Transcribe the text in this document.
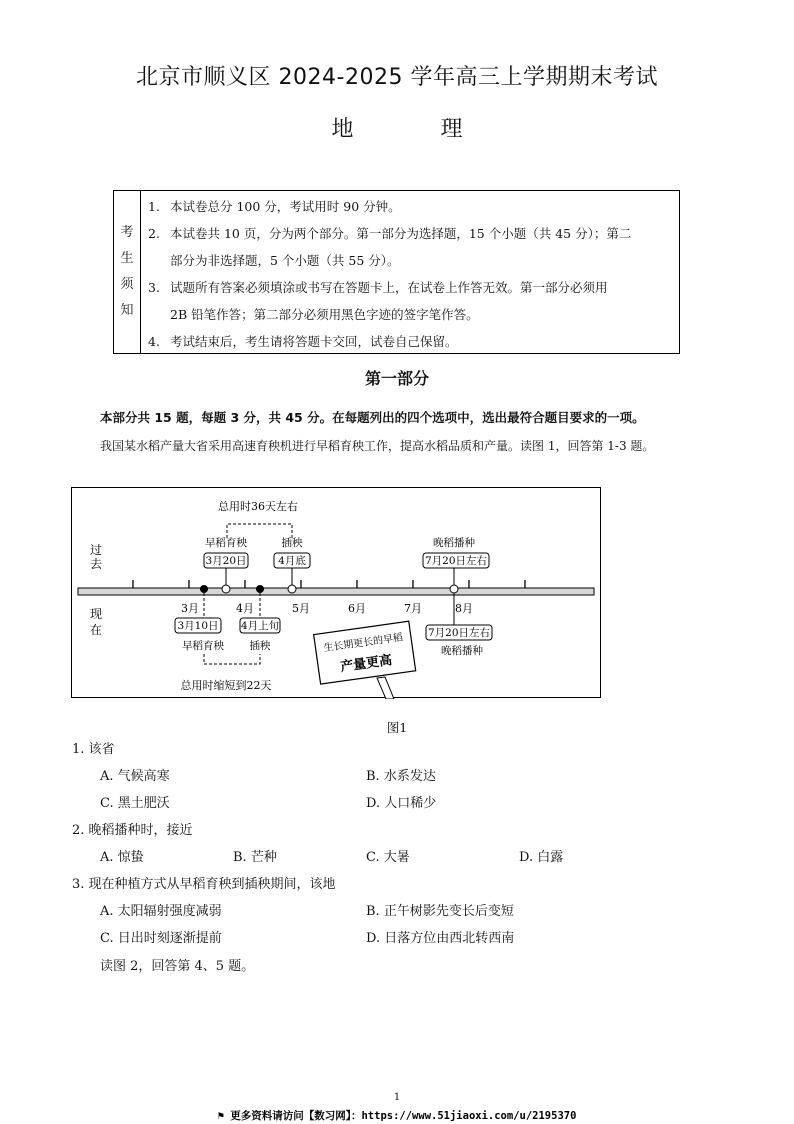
北京市顺义区 2024-2025 学年高三上学期期末考试
地 理
考
生
须
知
1. 本试卷总分 100 分，考试用时 90 分钟。
2. 本试卷共 10 页，分为两个部分。第一部分为选择题，15 个小题（共 45 分）；第二
部分为非选择题，5 个小题（共 55 分）。
3. 试题所有答案必须填涂或书写在答题卡上，在试卷上作答无效。第一部分必须用
2B 铅笔作答；第二部分必须用黑色字迹的签字笔作答。
4. 考试结束后，考生请将答题卡交回，试卷自己保留。
第一部分
本部分共 15 题，每题 3 分，共 45 分。在每题列出的四个选项中，选出最符合题目要求的一项。
我国某水稻产量大省采用高速育秧机进行早稻育秧工作，提高水稻品质和产量。读图 1，回答第 1-3 题。
过
去
现
在
总用时36天左右
早稻育秧
3月20日
插秧
4月底
晚稻播种
7月20日左右
3月	4月	5月	6月	7月	8月
3月10日
早稻育秧
4月上旬
插秧
总用时缩短到22天
7月20日左右
晚稻播种
生长期更长的早稻
产量更高
图1
1. 该省
A. 气候高寒	B. 水系发达
C. 黑土肥沃	D. 人口稀少
2. 晚稻播种时，接近
A. 惊蛰	B. 芒种	C. 大暑	D. 白露
3. 现在种植方式从早稻育秧到插秧期间，该地
A. 太阳辐射强度减弱	B. 正午树影先变长后变短
C. 日出时刻逐渐提前	D. 日落方位由西北转西南
读图 2，回答第 4、5 题。
1
⚑ 更多资料请访问【数习网】：https://www.51jiaoxi.com/u/2195370
